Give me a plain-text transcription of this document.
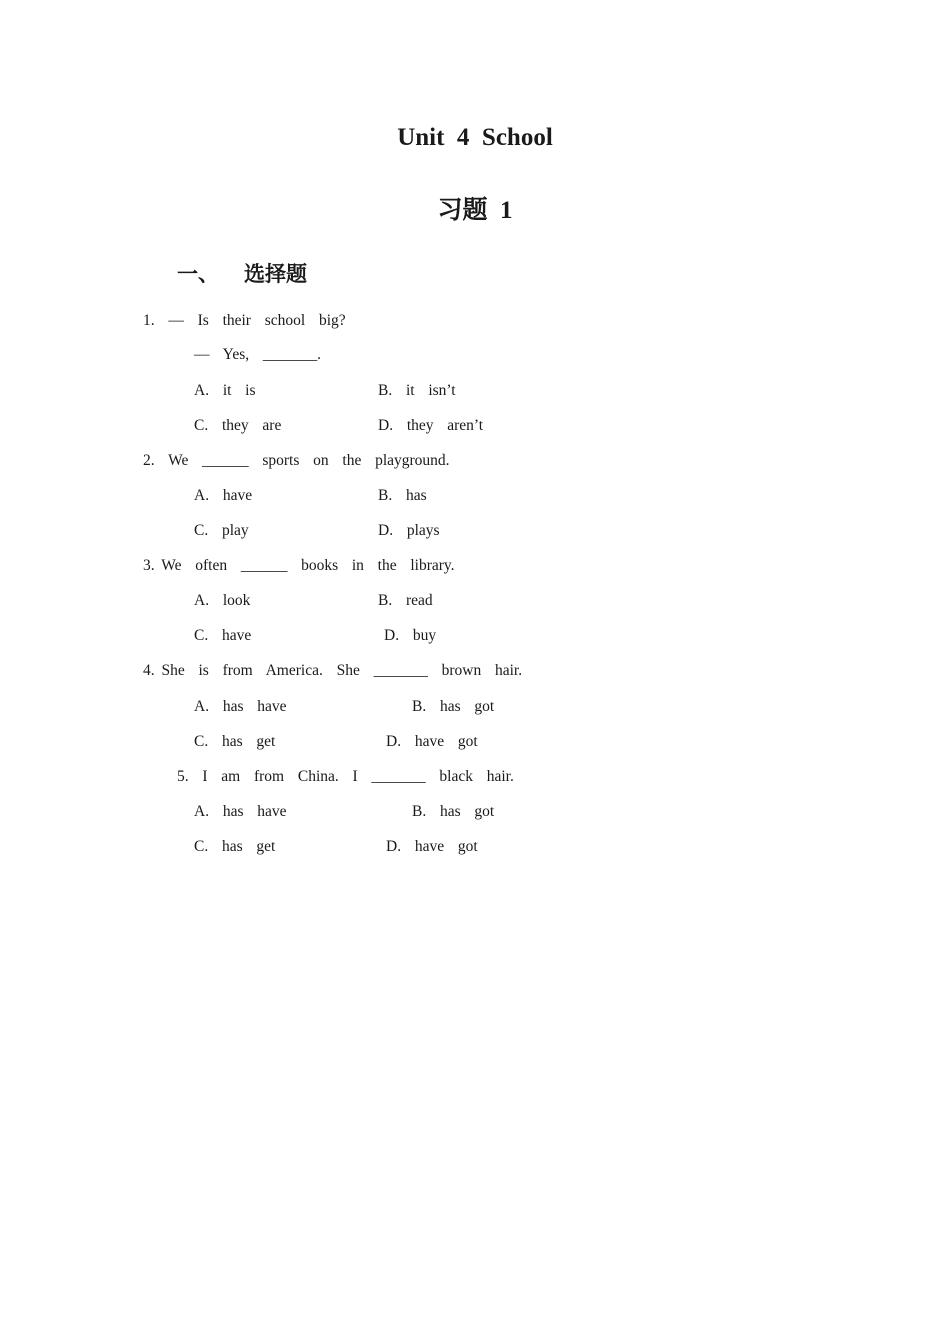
Unit  4  School
习题  1
一、 选择题
1.  —  Is  their  school  big?
—  Yes,  _______.
A.  it  is	B.  it  isn’t
C.  they  are	D.  they  aren’t
2.  We  ______  sports  on  the  playground.
A.  have	B.  has
C.  play	D.  plays
3. We  often  ______  books  in  the  library.
A.  look	B.  read
C.  have	D.  buy
4. She  is  from  America.  She  _______  brown  hair.
A.  has  have	B.  has  got
C.  has  get	D.  have  got
5.  I  am  from  China.  I  _______  black  hair.
A.  has  have	B.  has  got
C.  has  get	D.  have  got
